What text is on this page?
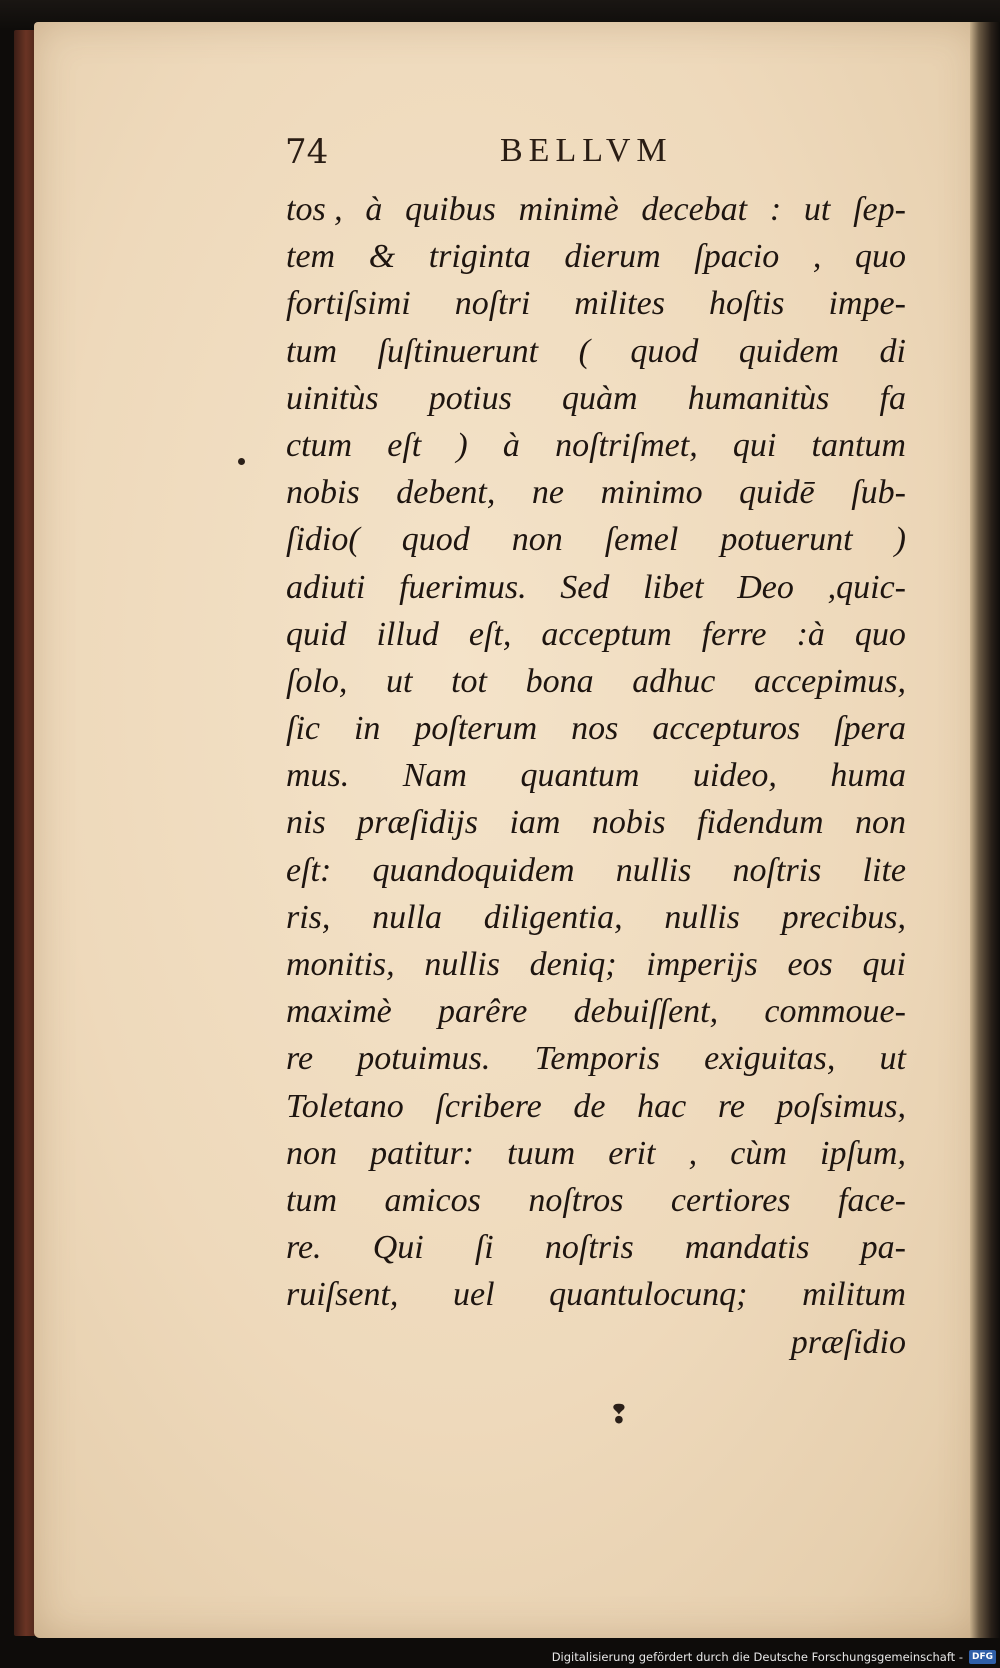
74	BELLVM
tos , à quibus minimè decebat : ut ſep-
tem & triginta dierum ſpacio , quo
fortiſsimi noſtri milites hoſtis impe-
tum ſuſtinuerunt ( quod quidem di
uinitùs potius quàm humanitùs fa
ctum eſt ) à noſtriſmet, qui tantum
nobis debent, ne minimo quidē ſub-
ſidio( quod non ſemel potuerunt )
adiuti fuerimus. Sed libet Deo ,quic-
quid illud eſt, acceptum ferre :à quo
ſolo, ut tot bona adhuc accepimus,
ſic in poſterum nos accepturos ſpera
mus. Nam quantum uideo, huma
nis præſidijs iam nobis fidendum non
eſt: quandoquidem nullis noſtris lite
ris, nulla diligentia, nullis precibus,
monitis, nullis deniq; imperijs eos qui
maximè parêre debuiſſent, commoue-
re potuimus. Temporis exiguitas, ut
Toletano ſcribere de hac re poſsimus,
non patitur: tuum erit , cùm ipſum,
tum amicos noſtros certiores face-
re. Qui ſi noſtris mandatis pa-
ruiſsent, uel quantulocunq; militum
præſidio
❢
Digitalisierung gefördert durch die Deutsche Forschungsgemeinschaft -	DFG
